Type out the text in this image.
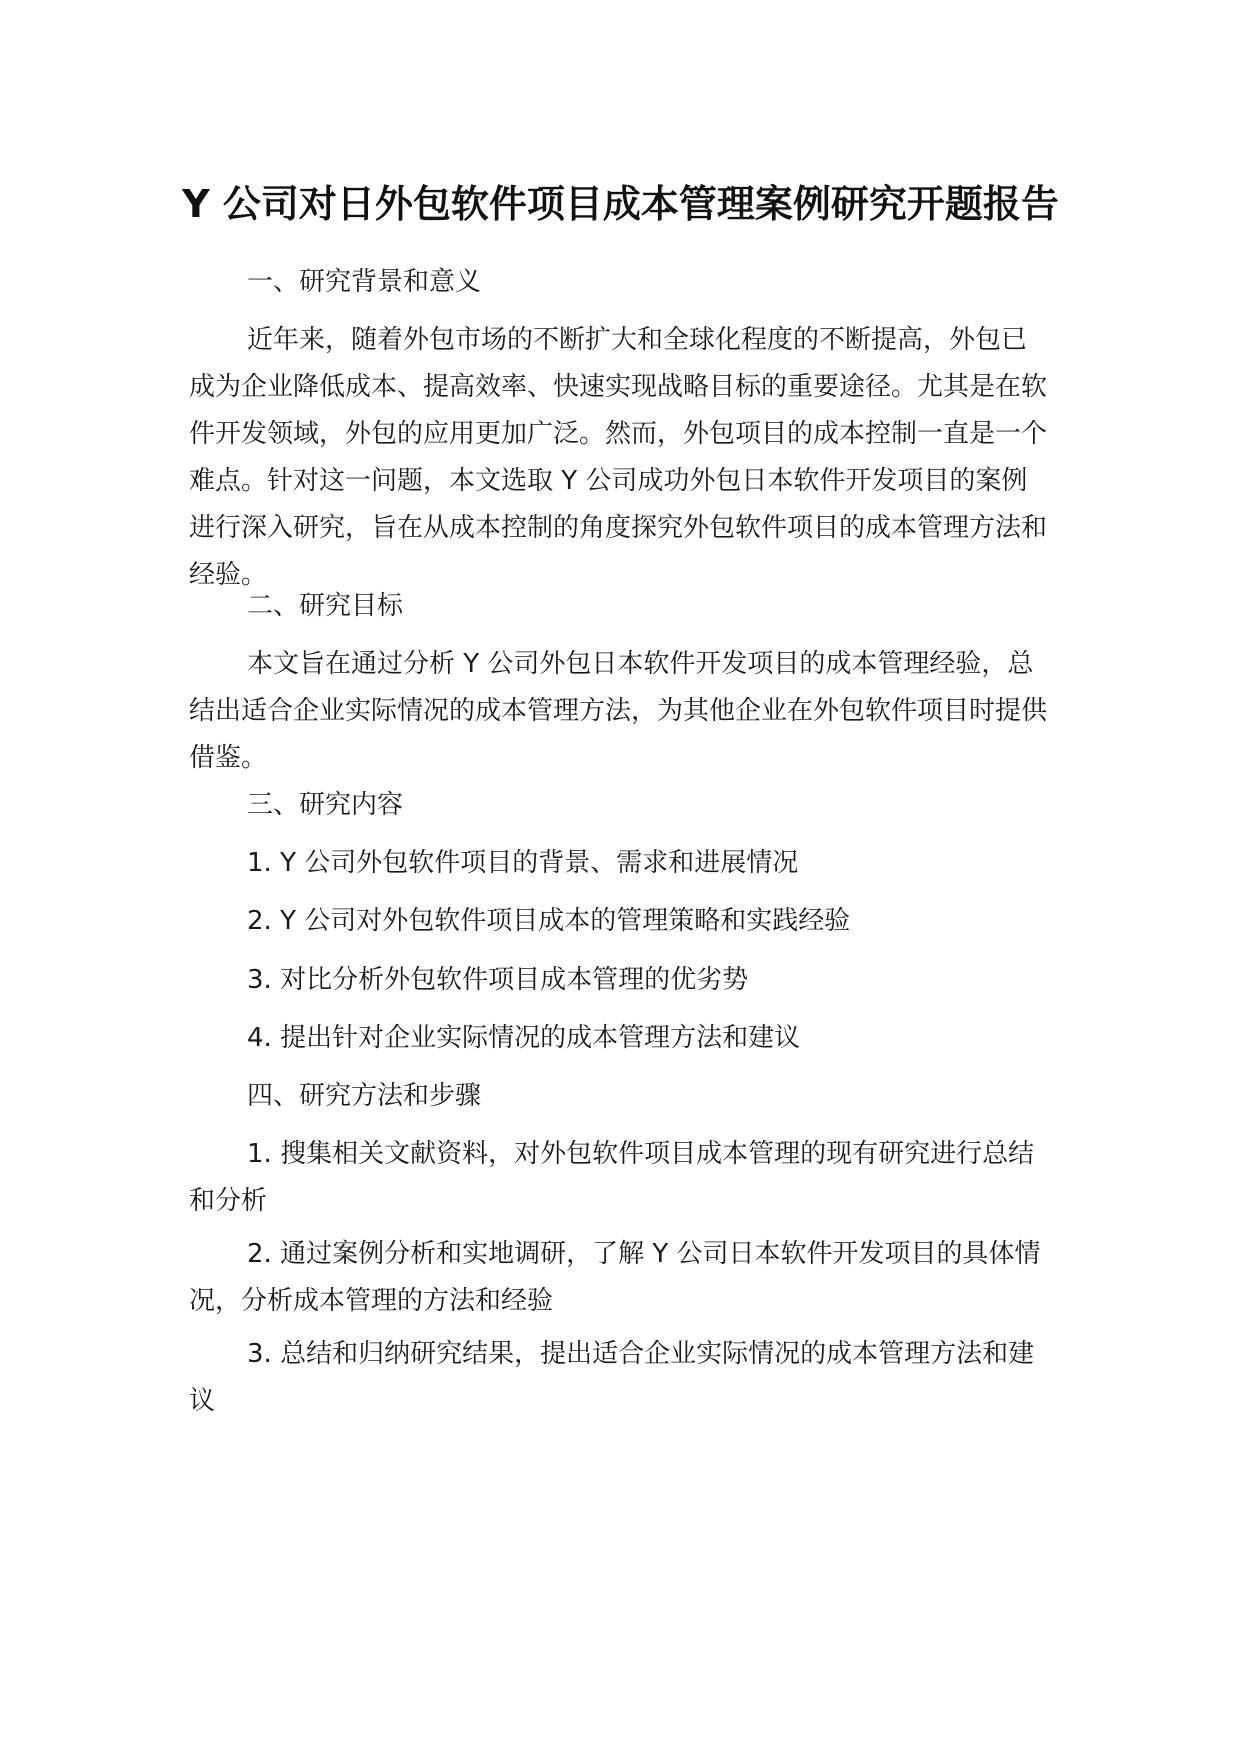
Y 公司对日外包软件项目成本管理案例研究开题报告
一、研究背景和意义
近年来，随着外包市场的不断扩大和全球化程度的不断提高，外包已成为企业降低成本、提高效率、快速实现战略目标的重要途径。尤其是在软件开发领域，外包的应用更加广泛。然而，外包项目的成本控制一直是一个难点。针对这一问题，本文选取 Y 公司成功外包日本软件开发项目的案例进行深入研究，旨在从成本控制的角度探究外包软件项目的成本管理方法和经验。
二、研究目标
本文旨在通过分析 Y 公司外包日本软件开发项目的成本管理经验，总结出适合企业实际情况的成本管理方法，为其他企业在外包软件项目时提供借鉴。
三、研究内容
1. Y 公司外包软件项目的背景、需求和进展情况
2. Y 公司对外包软件项目成本的管理策略和实践经验
3. 对比分析外包软件项目成本管理的优劣势
4. 提出针对企业实际情况的成本管理方法和建议
四、研究方法和步骤
1. 搜集相关文献资料，对外包软件项目成本管理的现有研究进行总结和分析
2. 通过案例分析和实地调研，了解 Y 公司日本软件开发项目的具体情况，分析成本管理的方法和经验
3. 总结和归纳研究结果，提出适合企业实际情况的成本管理方法和建议
